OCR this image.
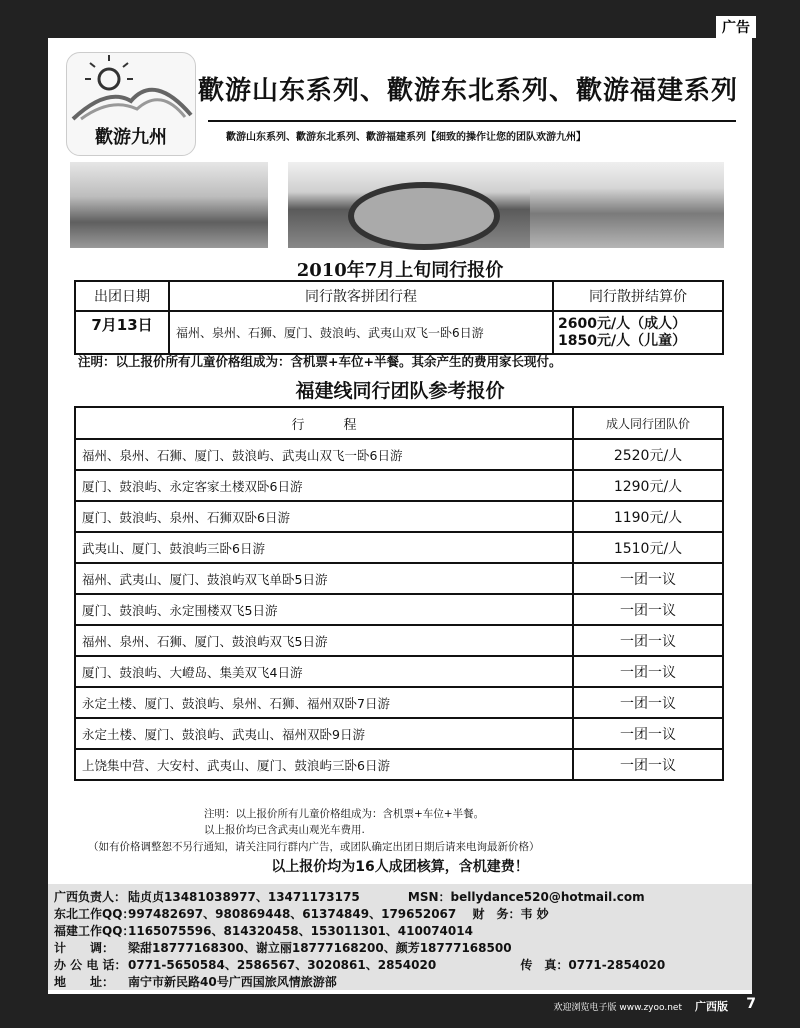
广告
歡游九州
歡游山东系列、歡游东北系列、歡游福建系列
歡游山东系列、歡游东北系列、歡游福建系列【细致的操作让您的团队欢游九州】
2010年7月上旬同行报价
出团日期	同行散客拼团行程	同行散拼结算价
7月13日	福州、泉州、石狮、厦门、鼓浪屿、武夷山双飞一卧6日游	2600元/人（成人）
1850元/人（儿童）
注明：以上报价所有儿童价格组成为：含机票+车位+半餐。其余产生的费用家长现付。
福建线同行团队参考报价
行　　　程	成人同行团队价
福州、泉州、石狮、厦门、鼓浪屿、武夷山双飞一卧6日游	2520元/人
厦门、鼓浪屿、永定客家土楼双卧6日游	1290元/人
厦门、鼓浪屿、泉州、石狮双卧6日游	1190元/人
武夷山、厦门、鼓浪屿三卧6日游	1510元/人
福州、武夷山、厦门、鼓浪屿双飞单卧5日游	一团一议
厦门、鼓浪屿、永定围楼双飞5日游	一团一议
福州、泉州、石狮、厦门、鼓浪屿双飞5日游	一团一议
厦门、鼓浪屿、大嶝岛、集美双飞4日游	一团一议
永定土楼、厦门、鼓浪屿、泉州、石狮、福州双卧7日游	一团一议
永定土楼、厦门、鼓浪屿、武夷山、福州双卧9日游	一团一议
上饶集中营、大安村、武夷山、厦门、鼓浪屿三卧6日游	一团一议
注明：以上报价所有儿童价格组成为：含机票+车位+半餐。
以上报价均已含武夷山观光车费用.
（如有价格调整恕不另行通知，请关注同行群内广告，或团队确定出团日期后请来电询最新价格）
以上报价均为16人成团核算，含机建费！
广西负责人： 陆贞贞13481038977、13471173175	MSN：bellydance520@hotmail.com
东北工作QQ：997482697、980869448、61374849、179652067 财　务：韦 妙
福建工作QQ：1165075596、814320458、153011301、410074014
计　　调： 梁甜18777168300、谢立丽18777168200、颜芳18777168500
办 公 电 话：0771-5650584、2586567、3020861、2854020	传　真：0771-2854020
地　　址： 南宁市新民路40号广西国旅风情旅游部
欢迎浏览电子版 www.zyoo.net 广西版 7
